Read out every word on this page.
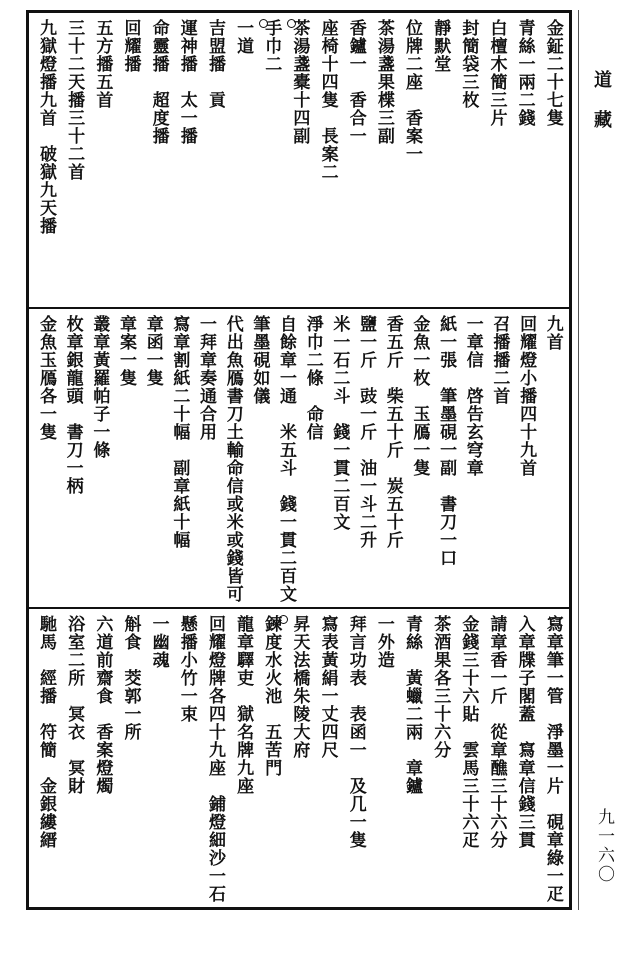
金鉦二十七隻
青絲一兩二錢
白檀木簡三片
封簡袋三枚
靜默堂
位牌二座　香案一
茶湯盞果楪三副
香鑪一　香合一
座椅十四隻　長案二
茶湯盞橐十四副
手巾二
一道
吉盟播　貢
運神播　太一播
命靈播　超度播
回耀播
五方播五首
三十二天播三十二首
九獄燈播九首　破獄九天播
九首
回耀燈小播四十九首
召播播二首
一章信　啓告玄穹章
紙一張　筆墨硯一副　書刀一口
金魚一枚　玉鴈一隻
香五斤　柴五十斤　炭五十斤
鹽一斤　豉一斤　油一斗二升
米一石二斗　錢一貫二百文
淨巾二條　命信
自餘章一通　米五斗　錢一貫二百文
筆墨硯如儀
代出魚鴈書刀土輸命信或米或錢皆可
一拜章奏通合用
寫章割紙二十幅　副章紙十幅
章函一隻
章案一隻
叢章黃羅帕子一條
枚章銀龍頭　書刀一柄
金魚玉鴈各一隻
寫章筆一管　淨墨一片　硯章綠一疋
入章牒子閣蓋　寫章信錢三貫
請章香一斤　從章醮三十六分
金錢三十六貼　雲馬三十六疋
茶酒果各三十六分
青絲　黃蠟二兩　章鑪
一外造
拜言功表　表函一　及几一隻
寫表黃絹一丈四尺
昇天法橋朱陵大府
鍊度水火池　五苦門
龍章驛吏　獄名牌九座
回耀燈牌各四十九座　鋪燈細沙一石
懸播小竹一束
一幽魂
斛食　茭郭一所
六道前齋食　香案燈燭
浴室二所　冥衣　冥財
馳馬　經播　符簡　金銀縷縉
道藏
九一六〇
